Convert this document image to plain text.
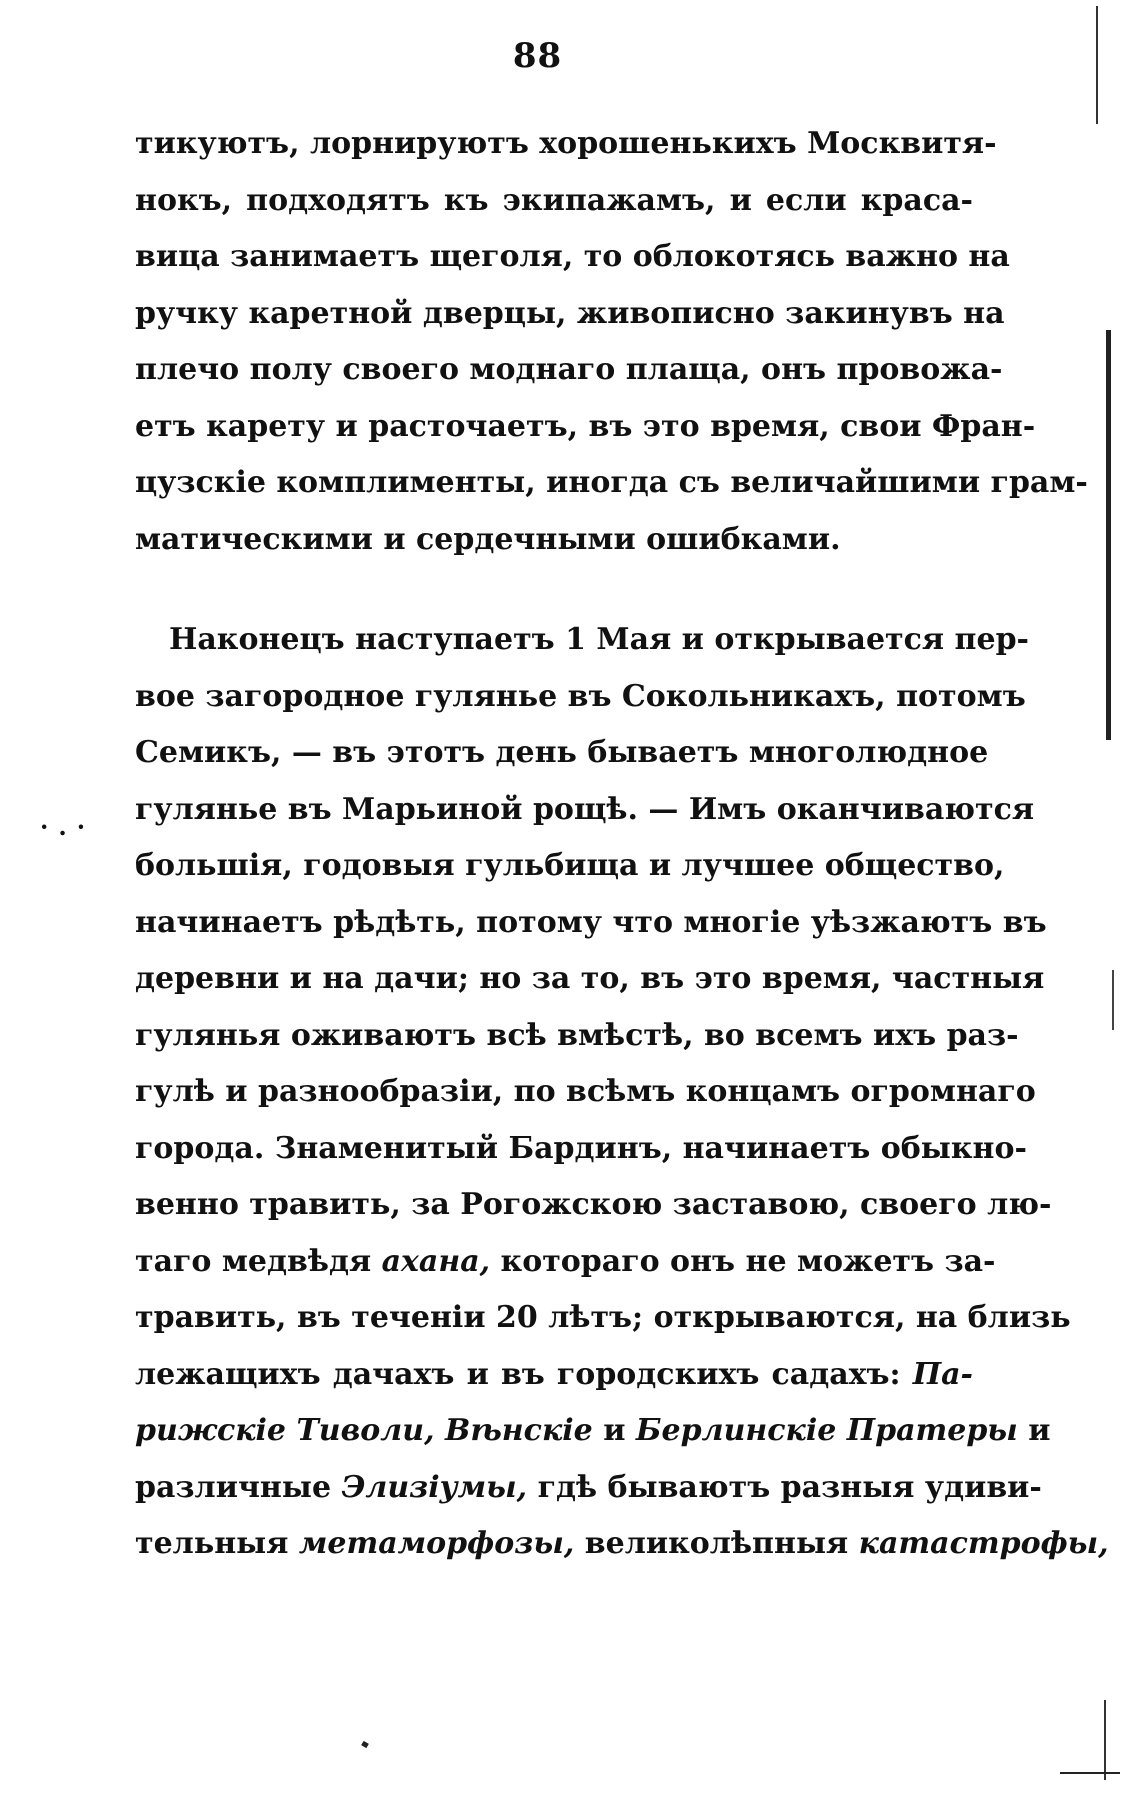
·.·
88
тикуютъ, лорнируютъ хорошенькихъ Москвитя-
нокъ, подходятъ къ экипажамъ, и если краса-
вица занимаетъ щеголя, то облокотясь важно на
ручку каретной дверцы, живописно закинувъ на
плечо полу своего моднаго плаща, онъ провожа-
етъ карету и расточаетъ, въ это время, свои Фран-
цузскіе комплименты, иногда съ величайшими грам-
матическими и сердечными ошибками.
Наконецъ наступаетъ 1 Мая и открывается пер-
вое загородное гулянье въ Сокольникахъ, потомъ
Семикъ, — въ этотъ день бываетъ многолюдное
гулянье въ Марьиной рощѣ. — Имъ оканчиваются
большія, годовыя гульбища и лучшее общество,
начинаетъ рѣдѣть, потому что многіе уѣзжаютъ въ
деревни и на дачи; но за то, въ это время, частныя
гулянья оживаютъ всѣ вмѣстѣ, во всемъ ихъ раз-
гулѣ и разнообразіи, по всѣмъ концамъ огромнаго
города. Знаменитый Бардинъ, начинаетъ обыкно-
венно травить, за Рогожскою заставою, своего лю-
таго медвѣдя ахана, котораго онъ не можетъ за-
травить, въ теченіи 20 лѣтъ; открываются, на близь
лежащихъ дачахъ и въ городскихъ садахъ: Па-
рижскіе Тиволи, Вѣнскіе и Берлинскіе Пратеры и
различные Элизіумы, гдѣ бываютъ разныя удиви-
тельныя метаморфозы, великолѣпныя катастрофы,
